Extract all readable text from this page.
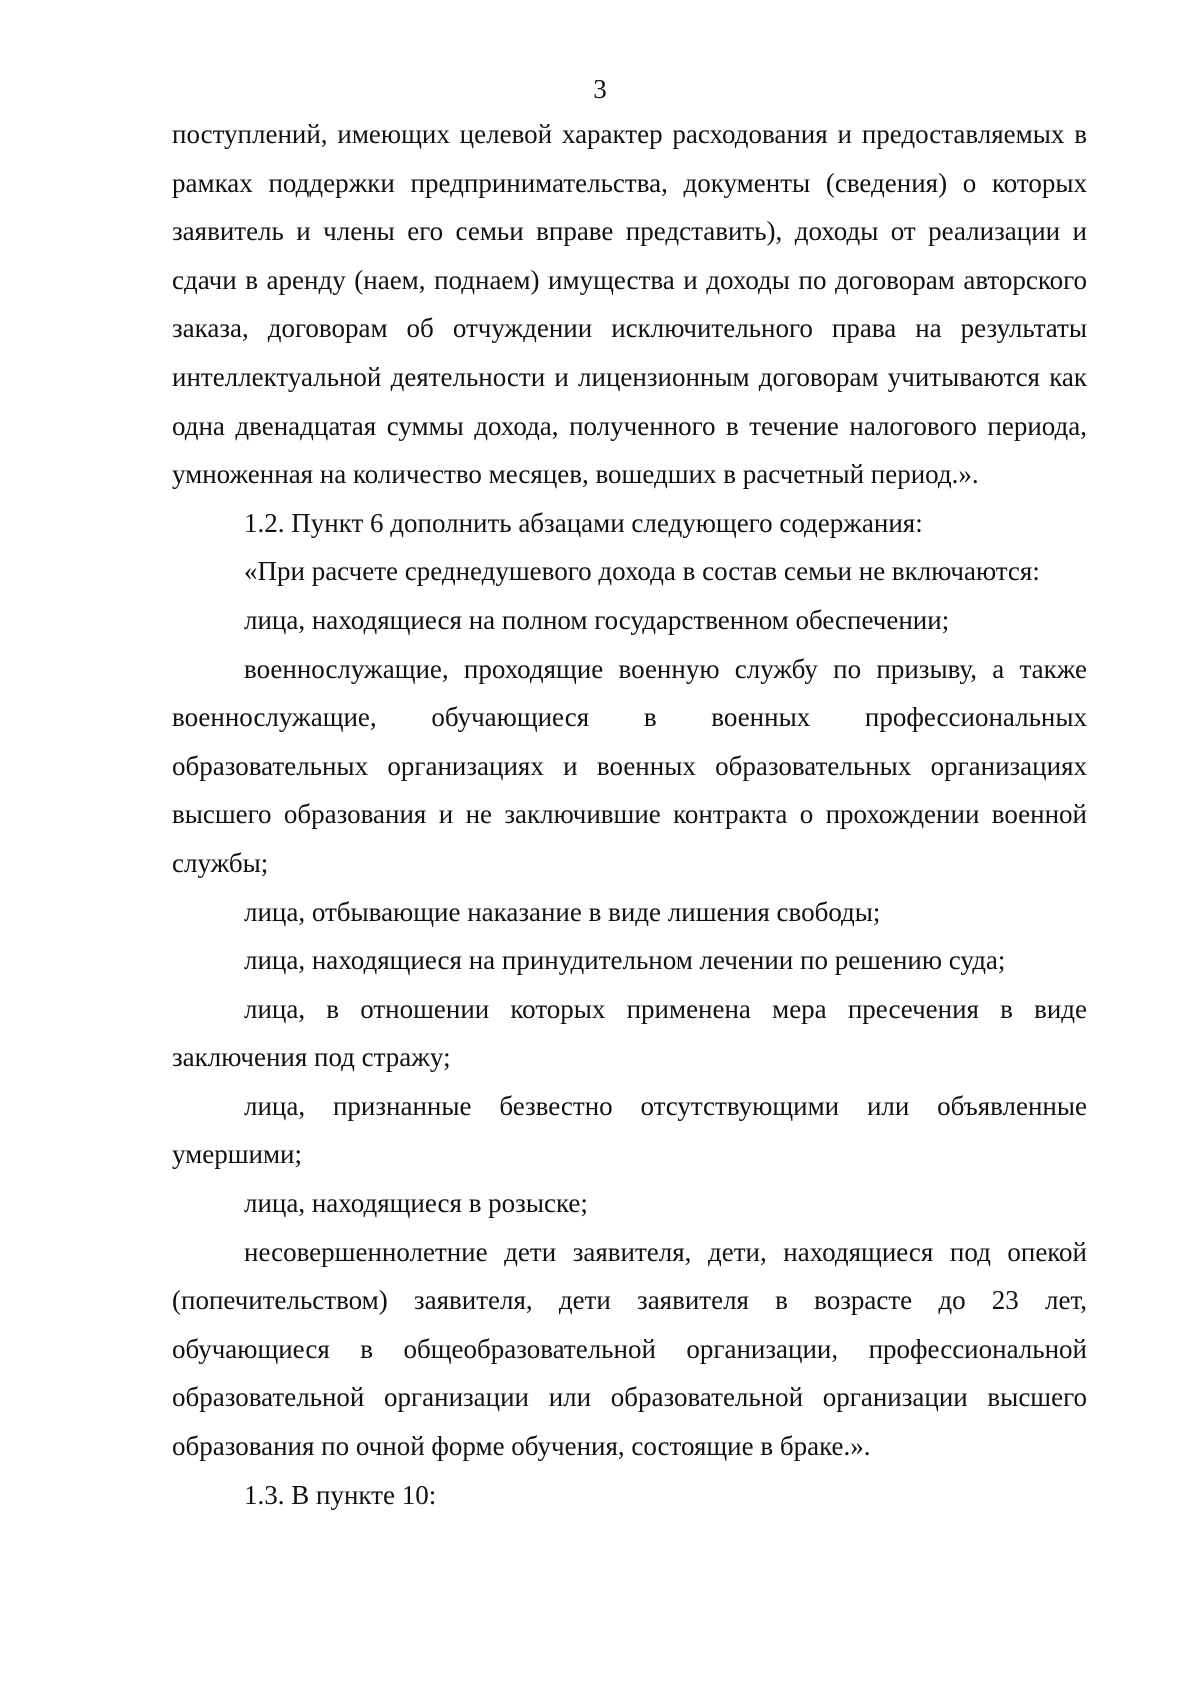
3

поступлений, имеющих целевой характер расходования и предоставляемых в рамках поддержки предпринимательства, документы (сведения) о которых заявитель и члены его семьи вправе представить), доходы от реализации и сдачи в аренду (наем, поднаем) имущества и доходы по договорам авторского заказа, договорам об отчуждении исключительного права на результаты интеллектуальной деятельности и лицензионным договорам учитываются как одна двенадцатая суммы дохода, полученного в течение налогового периода, умноженная на количество месяцев, вошедших в расчетный период.».

1.2. Пункт 6 дополнить абзацами следующего содержания:

«При расчете среднедушевого дохода в состав семьи не включаются:

лица, находящиеся на полном государственном обеспечении;

военнослужащие, проходящие военную службу по призыву, а также военнослужащие, обучающиеся в военных профессиональных образовательных организациях и военных образовательных организациях высшего образования и не заключившие контракта о прохождении военной службы;

лица, отбывающие наказание в виде лишения свободы;

лица, находящиеся на принудительном лечении по решению суда;

лица, в отношении которых применена мера пресечения в виде заключения под стражу;

лица, признанные безвестно отсутствующими или объявленные умершими;

лица, находящиеся в розыске;

несовершеннолетние дети заявителя, дети, находящиеся под опекой (попечительством) заявителя, дети заявителя в возрасте до 23 лет, обучающиеся в общеобразовательной организации, профессиональной образовательной организации или образовательной организации высшего образования по очной форме обучения, состоящие в браке.».

1.3. В пункте 10:
